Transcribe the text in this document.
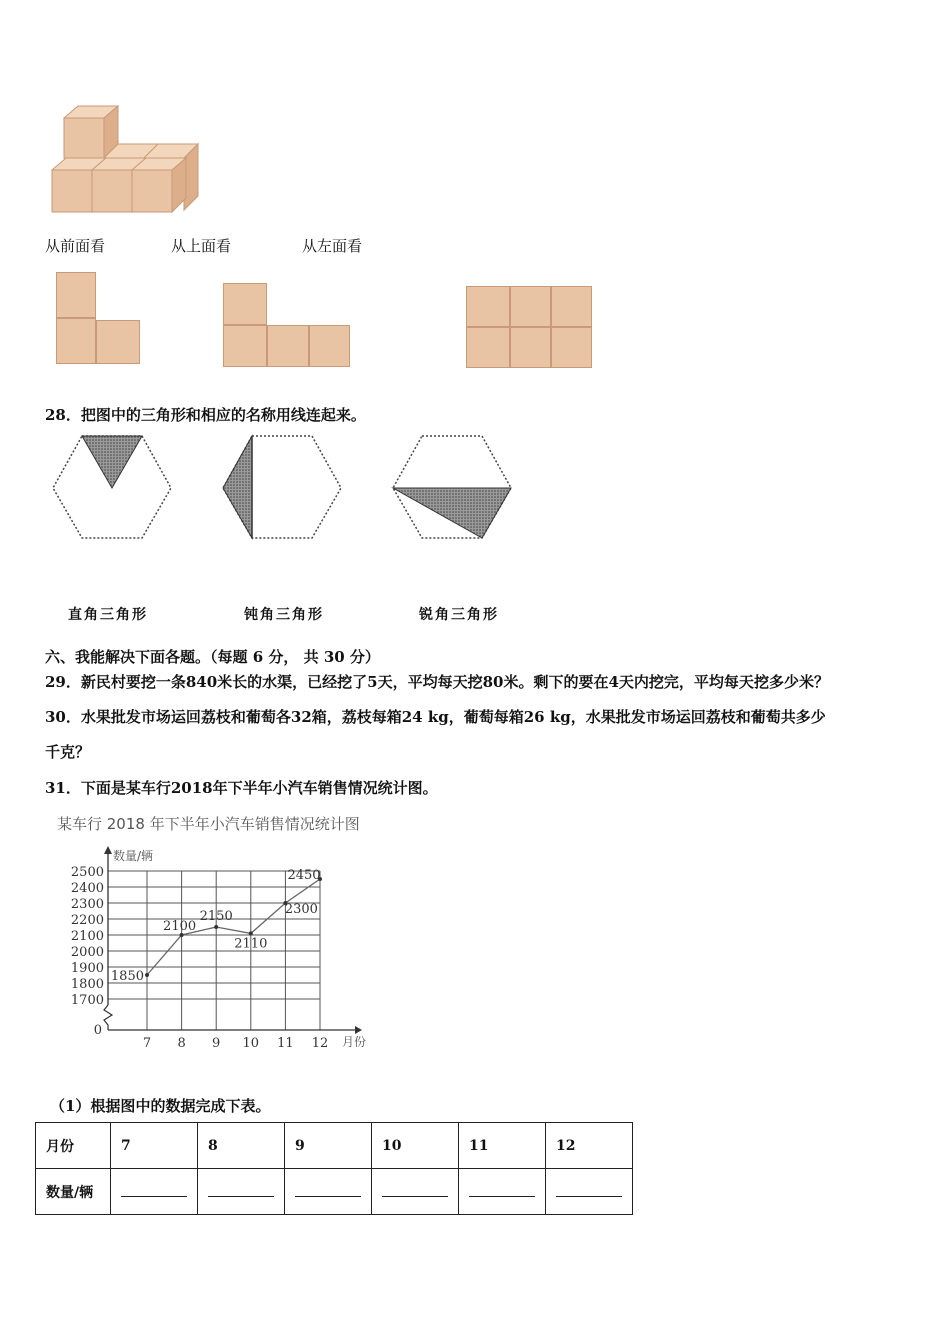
从前面看	从上面看	从左面看
28．把图中的三角形和相应的名称用线连起来。
直角三角形	钝角三角形	锐角三角形
六、我能解决下面各题。（每题 6 分， 共 30 分）
29．新民村要挖一条840米长的水渠，已经挖了5天，平均每天挖80米。剩下的要在4天内挖完，平均每天挖多少米？
30．水果批发市场运回荔枝和葡萄各32箱，荔枝每箱24 kg，葡萄每箱26 kg，水果批发市场运回荔枝和葡萄共多少
千克？
31．下面是某车行2018年下半年小汽车销售情况统计图。
某车行 2018 年下半年小汽车销售情况统计图
数量/辆
月份
2500
2400
2300
2200
2100
2000
1900
1800
1700
0
7 8 9 10 11 12
1850
2100
2150
2110
2300
2450
（1）根据图中的数据完成下表。
月份	7	8	9	10	11	12
数量/辆						
